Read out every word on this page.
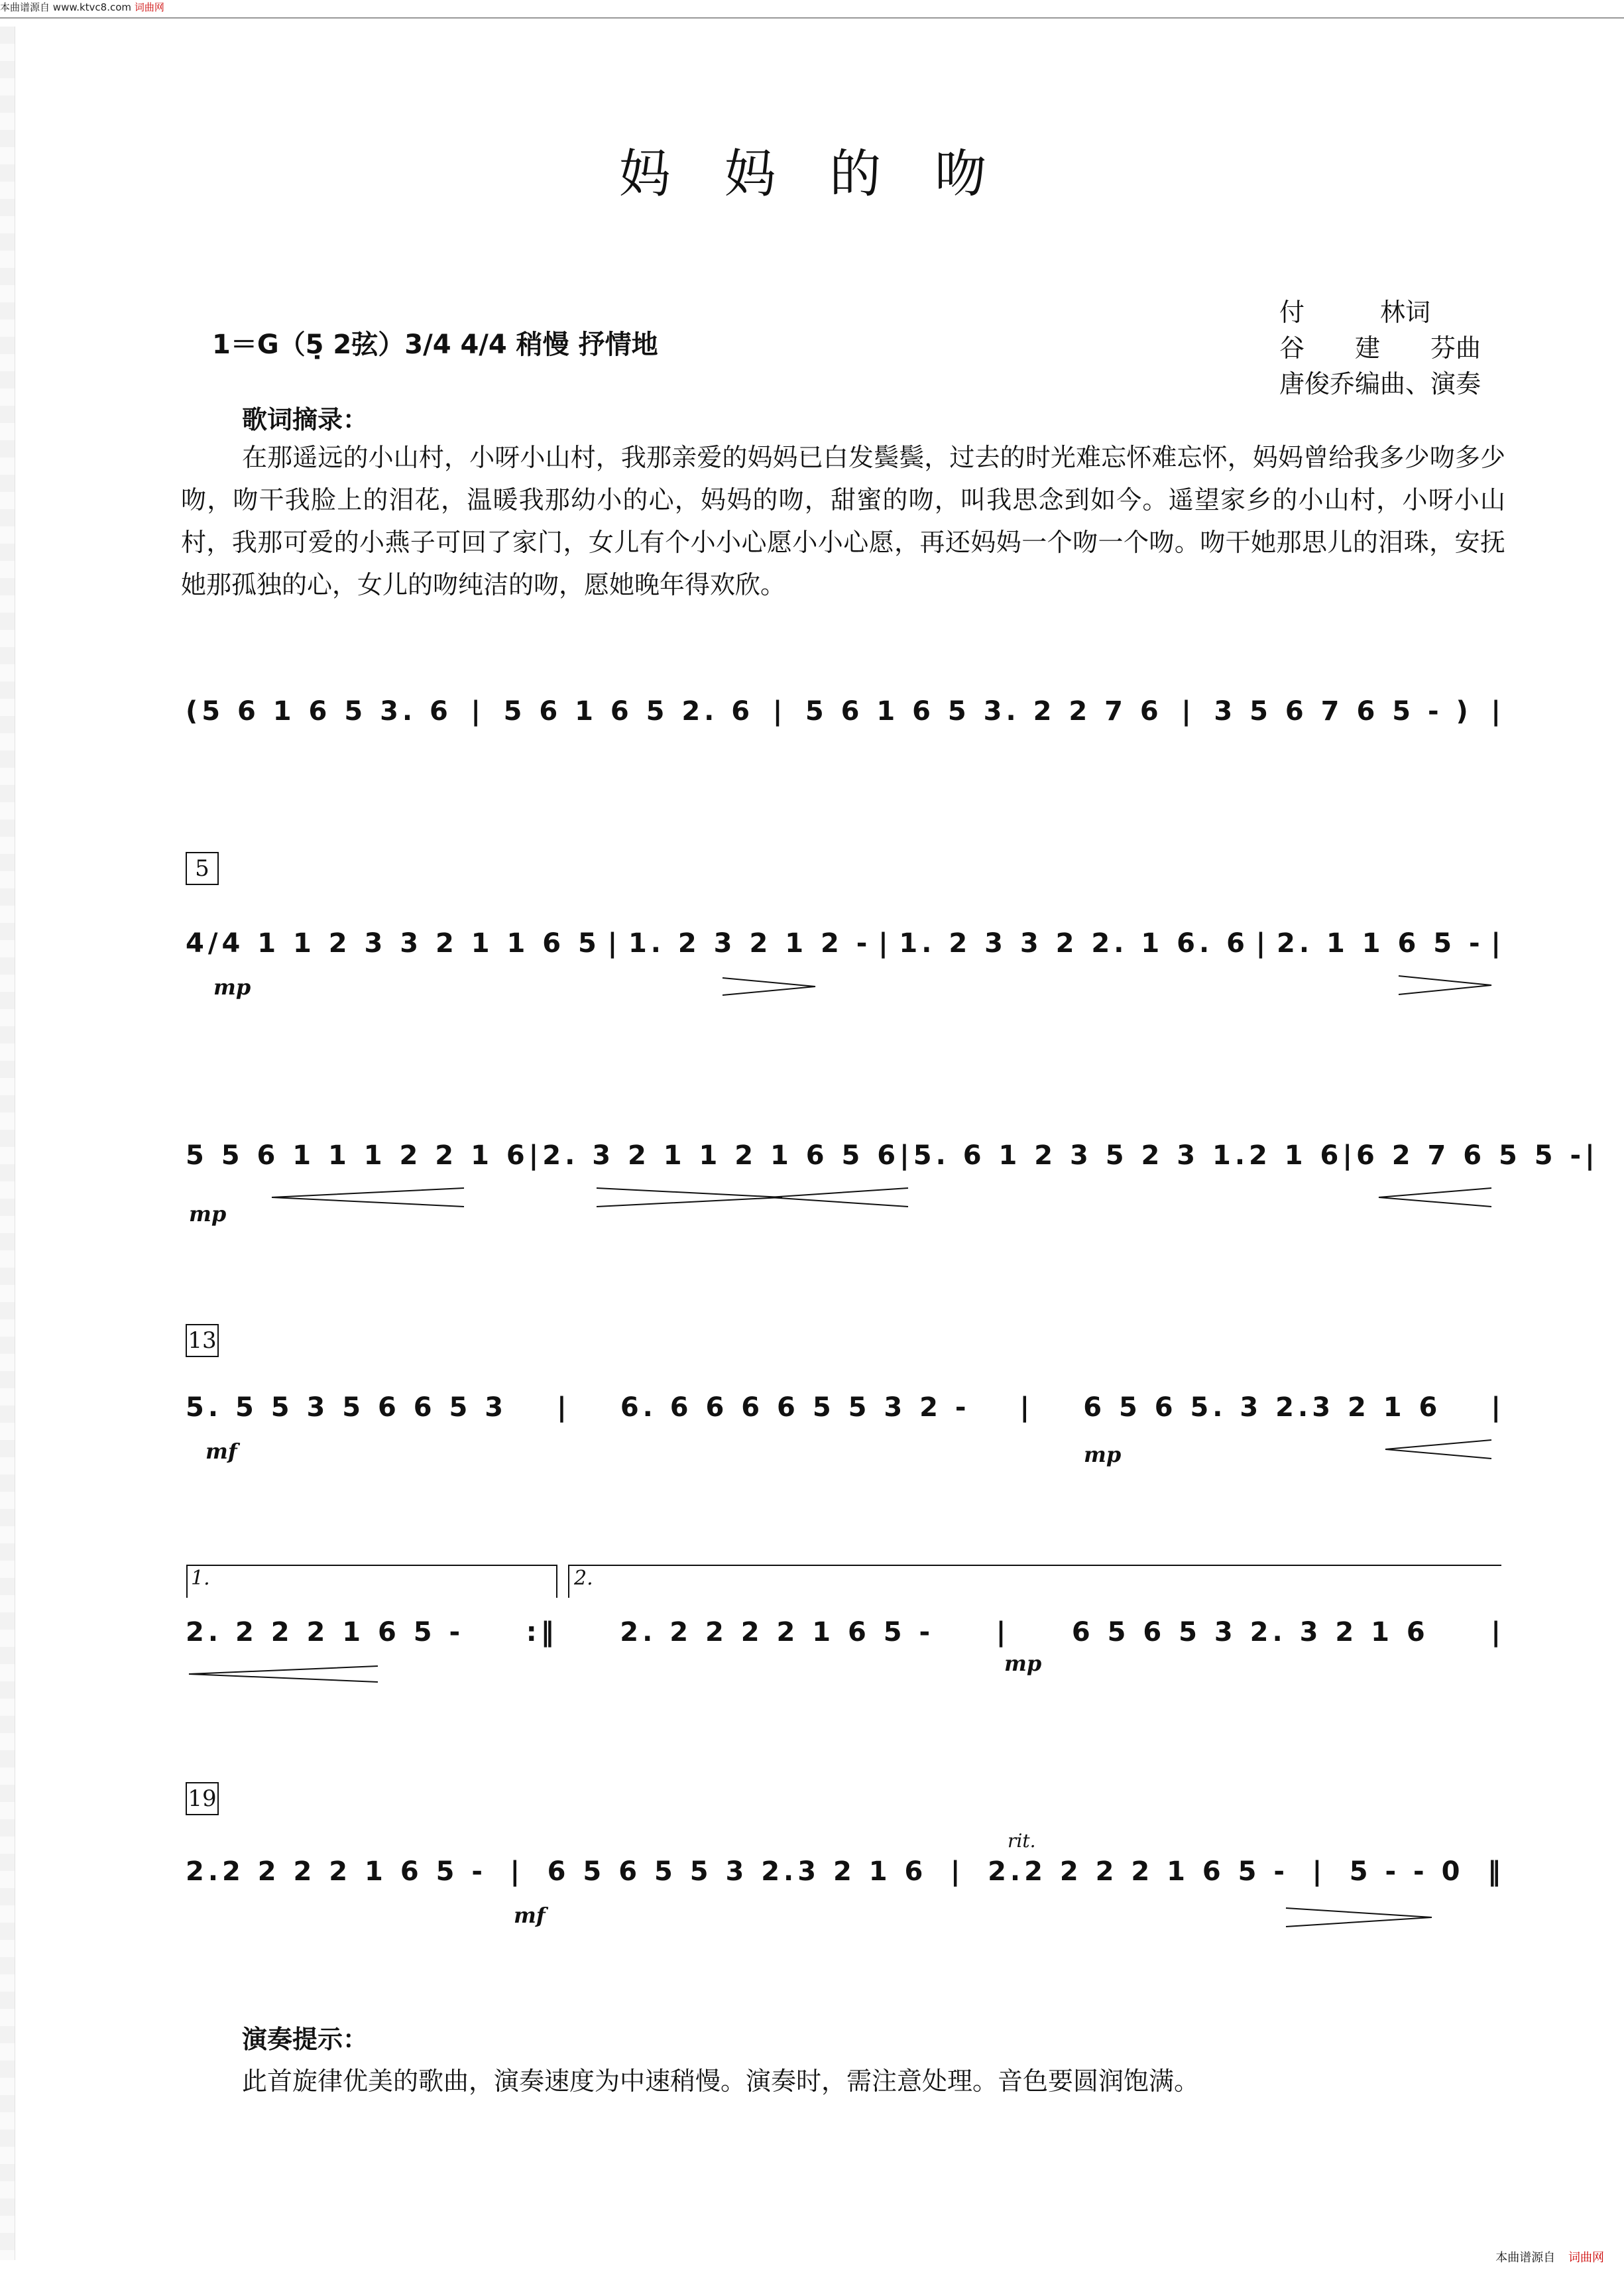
本曲谱源自 www.ktvc8.com 词曲网
妈 妈 的 吻
1＝G（5̣ 2弦）3/4 4/4 稍慢 抒情地
付　　　林词
谷　　建　　芬曲
唐俊乔编曲、演奏
歌词摘录：
在那遥远的小山村，小呀小山村，我那亲爱的妈妈已白发鬓鬓，过去的时光难忘怀难忘怀，妈妈曾给我多少吻多少吻，吻干我脸上的泪花，温暖我那幼小的心，妈妈的吻，甜蜜的吻，叫我思念到如今。遥望家乡的小山村，小呀小山村，我那可爱的小燕子可回了家门，女儿有个小小心愿小小心愿，再还妈妈一个吻一个吻。吻干她那思儿的泪珠，安抚她那孤独的心，女儿的吻纯洁的吻，愿她晚年得欢欣。
(5 6 1 6 5 3. 6 | 5 6 1 6 5 2. 6 | 5 6 1 6 5 3. 2 2 7 6 | 3 5 6 7 6 5 - ) |
5
4/4 1 1 2 3 3 2 1 1 6 5 | 1. 2 3 2 1 2 - | 1. 2 3 3 2 2. 1 6. 6 | 2. 1 1 6 5 - |
mp
5 5 6 1 1 1 2 2 1 6 | 2. 3 2 1 1 2 1 6 5 6 | 5. 6 1 2 3 5 2 3 1.2 1 6 | 6 2 7 6 5 5 - |
mp
13
5. 5 5 3 5 6 6 5 3 | 6. 6 6 6 6 5 5 3 2 - | 6 5 6 5. 3 2.3 2 1 6 |
mf	mp
1.	2.
2. 2 2 2 1 6 5 - :‖ 2. 2 2 2 2 1 6 5 - | 6 5 6 5 3 2. 3 2 1 6 |
mp
19
rit.
2.2 2 2 2 1 6 5 - | 6 5 6 5 5 3 2.3 2 1 6 | 2.2 2 2 2 1 6 5 - | 5 - - 0 ‖
mf
演奏提示：
此首旋律优美的歌曲，演奏速度为中速稍慢。演奏时，需注意处理。音色要圆润饱满。
本曲谱源自 词曲网
